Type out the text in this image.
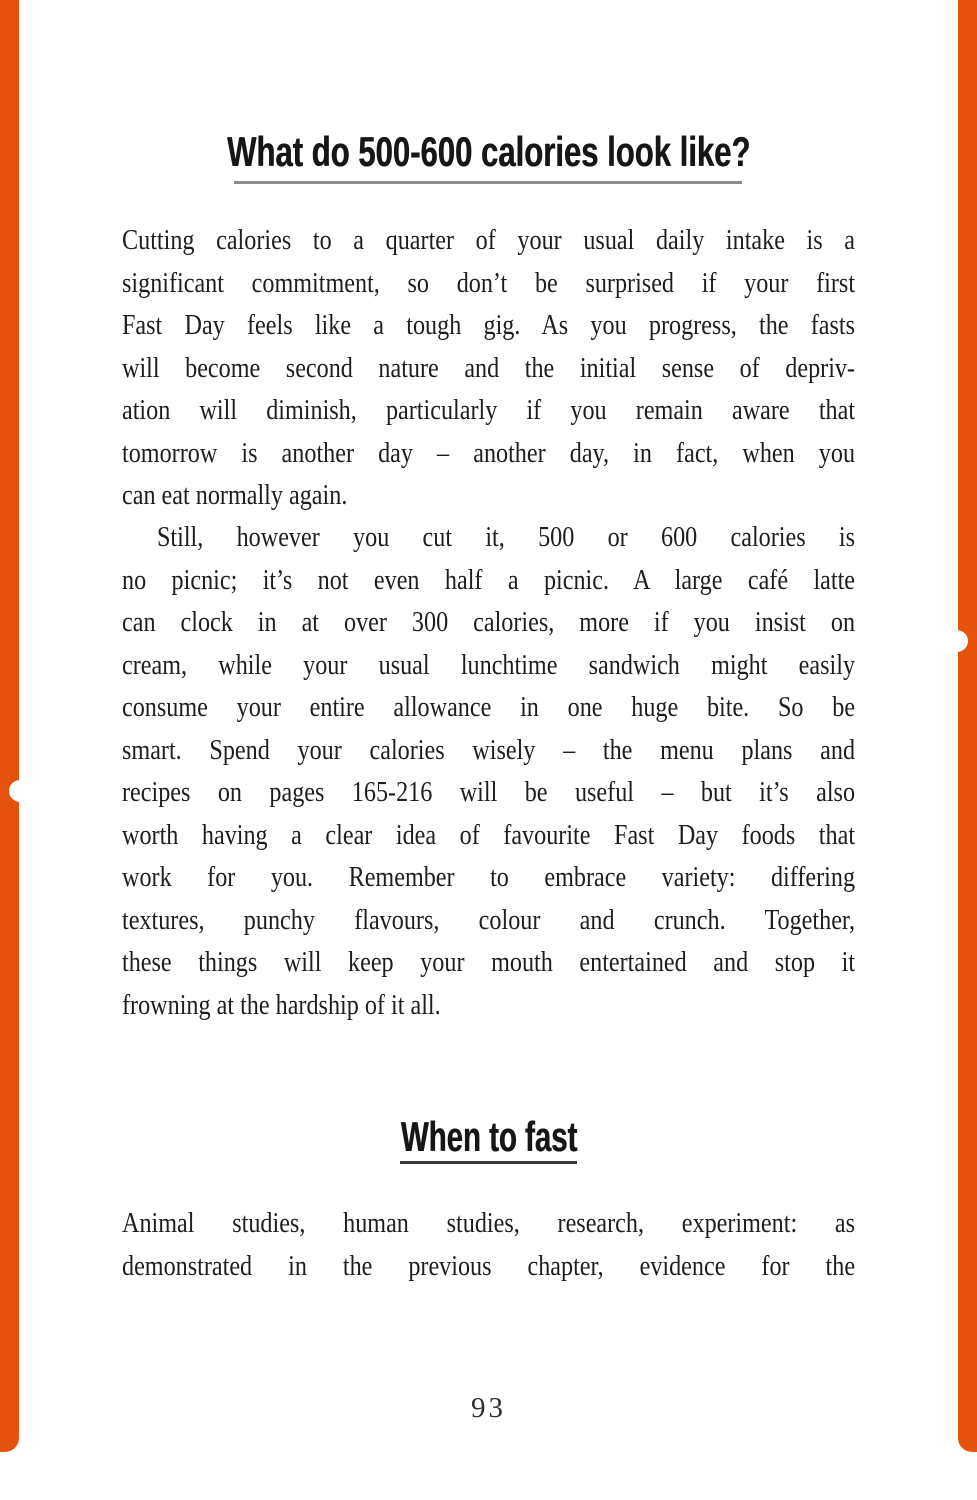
What do 500-600 calories look like?
Cutting calories to a quarter of your usual daily intake is a
significant commitment, so don’t be surprised if your first
Fast Day feels like a tough gig. As you progress, the fasts
will become second nature and the initial sense of depriv-
ation will diminish, particularly if you remain aware that
tomorrow is another day – another day, in fact, when you
can eat normally again.
Still, however you cut it, 500 or 600 calories is
no picnic; it’s not even half a picnic. A large café latte
can clock in at over 300 calories, more if you insist on
cream, while your usual lunchtime sandwich might easily
consume your entire allowance in one huge bite. So be
smart. Spend your calories wisely – the menu plans and
recipes on pages 165-216 will be useful – but it’s also
worth having a clear idea of favourite Fast Day foods that
work for you. Remember to embrace variety: differing
textures, punchy flavours, colour and crunch. Together,
these things will keep your mouth entertained and stop it
frowning at the hardship of it all.
When to fast
Animal studies, human studies, research, experiment: as
demonstrated in the previous chapter, evidence for the
93
